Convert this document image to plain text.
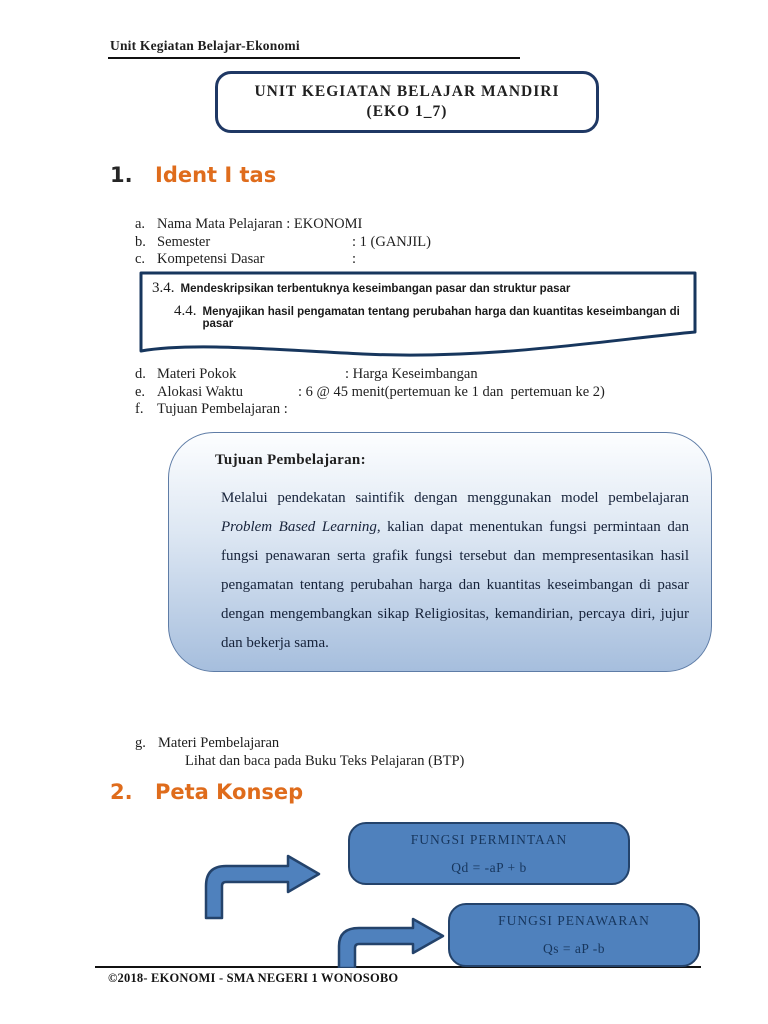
Unit Kegiatan Belajar-Ekonomi
UNIT KEGIATAN BELAJAR MANDIRI
(EKO 1_7)
1. Ident I tas
a. Nama Mata Pelajaran : EKONOMI
b. Semester	: 1 (GANJIL)
c. Kompetensi Dasar	:
3.4. Mendeskripsikan terbentuknya keseimbangan pasar dan struktur pasar
4.4. Menyajikan hasil pengamatan tentang perubahan harga dan kuantitas keseimbangan di pasar
d. Materi Pokok	: Harga Keseimbangan
e. Alokasi Waktu	: 6 @ 45 menit(pertemuan ke 1 dan  pertemuan ke 2)
f. Tujuan Pembelajaran :
Tujuan Pembelajaran:
Melalui pendekatan saintifik dengan menggunakan model pembelajaran Problem Based Learning, kalian dapat menentukan fungsi permintaan dan fungsi penawaran serta grafik fungsi tersebut dan mempresentasikan hasil pengamatan tentang perubahan harga dan kuantitas keseimbangan di pasar dengan mengembangkan sikap Religiositas, kemandirian, percaya diri, jujur dan bekerja sama.
g. Materi Pembelajaran
Lihat dan baca pada Buku Teks Pelajaran (BTP)
2. Peta Konsep
FUNGSI PERMINTAAN
Qd = -aP + b
FUNGSI PENAWARAN
Qs = aP -b
©2018- EKONOMI - SMA NEGERI 1 WONOSOBO
